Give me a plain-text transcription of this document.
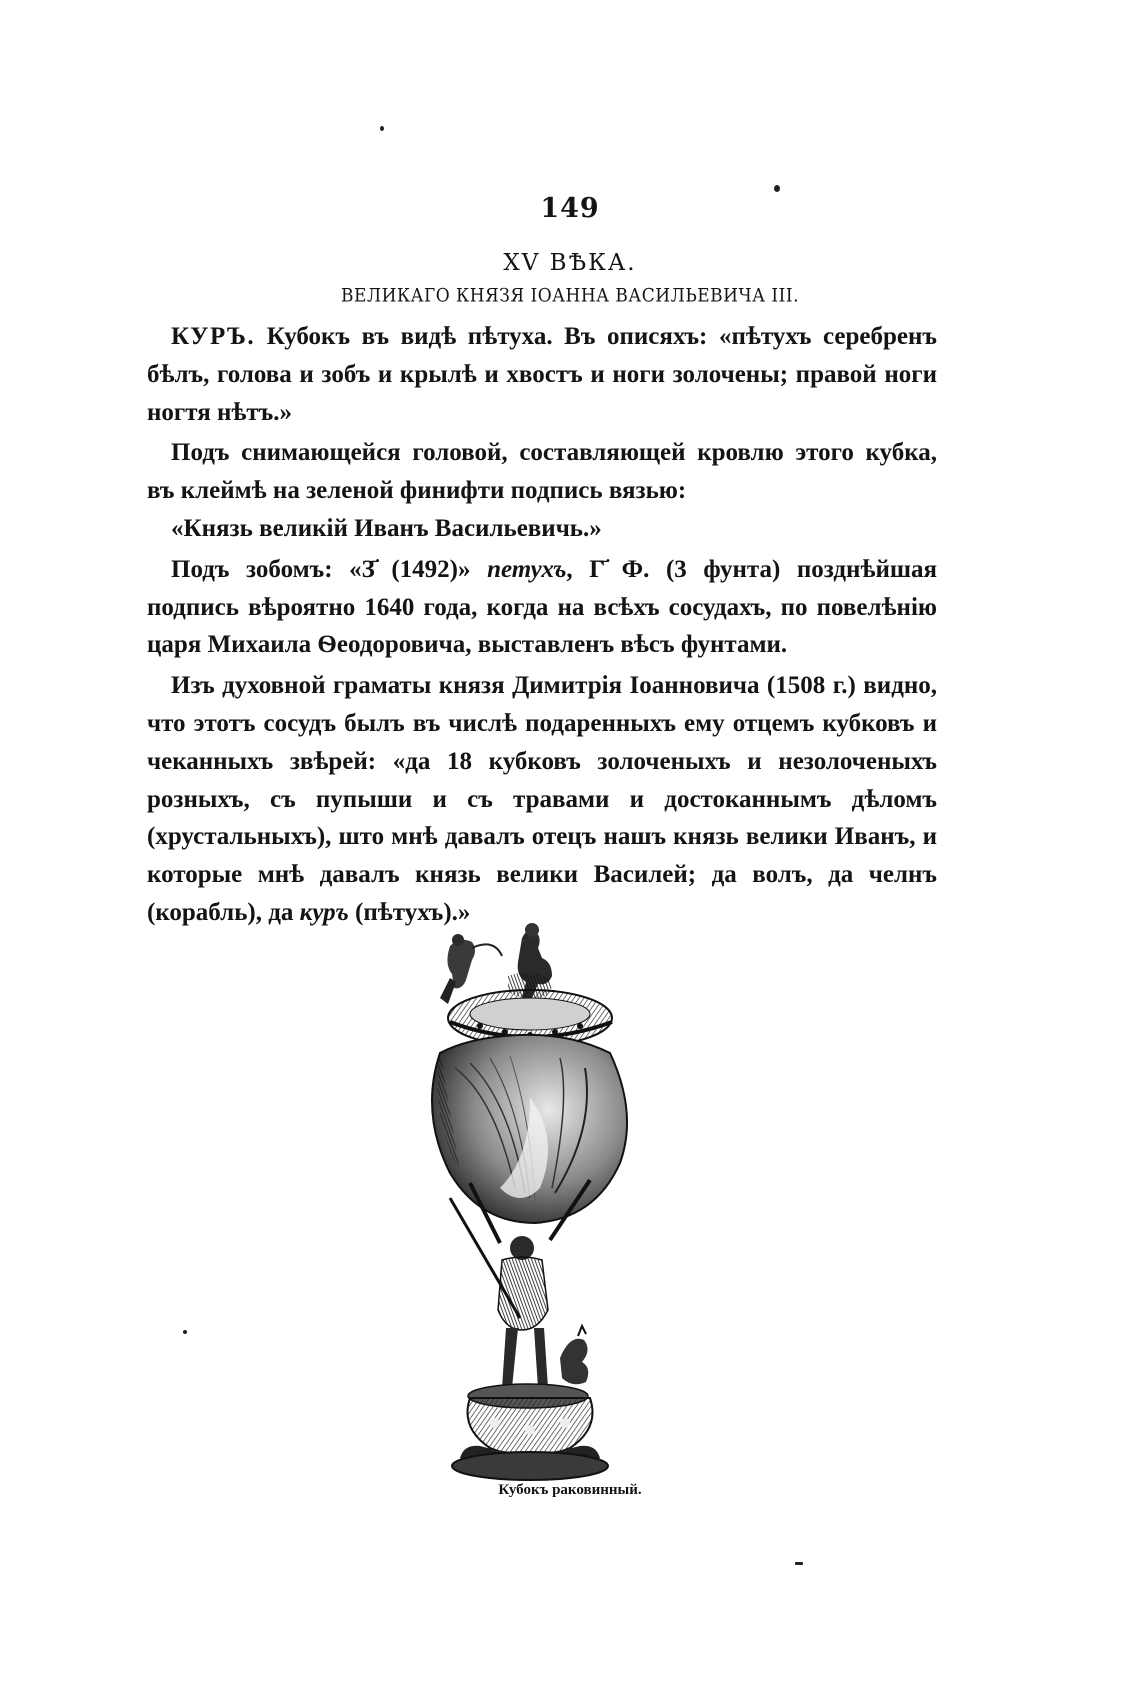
149
XV ВѢКА.
ВЕЛИКАГО КНЯЗЯ ІОАННА ВАСИЛЬЕВИЧА III.

КУРЪ. Кубокъ въ видѣ пѣтуха. Въ описяхъ: «пѣтухъ серебренъ бѣлъ, голова и зобъ и крылѣ и хвостъ и ноги золочены; правой ноги ногтя нѣтъ.»

Подъ снимающейся головой, составляющей кровлю этого кубка, въ клеймѣ на зеленой финифти подпись вязью:

«Князь великій Иванъ Васильевичь.»

Подъ зобомъ: «З҃ (1492)» петухъ, Г҃ Ф. (3 фунта) позднѣйшая подпись вѣроятно 1640 года, когда на всѣхъ сосудахъ, по повелѣнію царя Михаила Ѳеодоровича, выставленъ вѣсъ фунтами.

Изъ духовной граматы князя Димитрія Іоанновича (1508 г.) видно, что этотъ сосудъ былъ въ числѣ подаренныхъ ему отцемъ кубковъ и чеканныхъ звѣрей: «да 18 кубковъ золоченыхъ и незолоченыхъ розныхъ, съ пупыши и съ травами и достоканнымъ дѣломъ (хрустальныхъ), што мнѣ давалъ отецъ нашъ князь велики Иванъ, и которые мнѣ давалъ князь велики Василей; да волъ, да челнъ (корабль), да куръ (пѣтухъ).»

Кубокъ раковинный.
